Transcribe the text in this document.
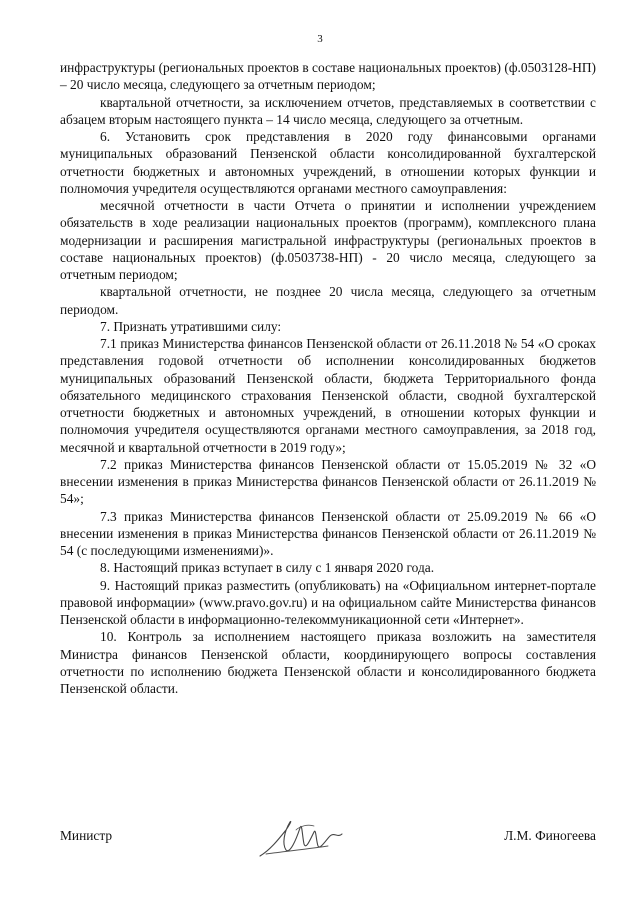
3

инфраструктуры (региональных проектов в составе национальных проектов) (ф.0503128-НП) – 20 число месяца, следующего за отчетным периодом;

квартальной отчетности, за исключением отчетов, представляемых в соответствии с абзацем вторым настоящего пункта – 14 число месяца, следующего за отчетным.

6. Установить срок представления в 2020 году финансовыми органами муниципальных образований Пензенской области консолидированной бухгалтерской отчетности бюджетных и автономных учреждений, в отношении которых функции и полномочия учредителя осуществляются органами местного самоуправления:

месячной отчетности в части Отчета о принятии и исполнении учреждением обязательств в ходе реализации национальных проектов (программ), комплексного плана модернизации и расширения магистральной инфраструктуры (региональных проектов в составе национальных проектов) (ф.0503738-НП) - 20 число месяца, следующего за отчетным периодом;

квартальной отчетности, не позднее 20 числа месяца, следующего за отчетным периодом.

7. Признать утратившими силу:

7.1 приказ Министерства финансов Пензенской области от 26.11.2018 № 54 «О сроках представления годовой отчетности об исполнении консолидированных бюджетов муниципальных образований Пензенской области, бюджета Территориального фонда обязательного медицинского страхования Пензенской области, сводной бухгалтерской отчетности бюджетных и автономных учреждений, в отношении которых функции и полномочия учредителя осуществляются органами местного самоуправления, за 2018 год, месячной и квартальной отчетности в 2019 году»;

7.2 приказ Министерства финансов Пензенской области от 15.05.2019 № 32 «О внесении изменения в приказ Министерства финансов Пензенской области от 26.11.2019 № 54»;

7.3 приказ Министерства финансов Пензенской области от 25.09.2019 № 66 «О внесении изменения в приказ Министерства финансов Пензенской области от 26.11.2019 № 54 (с последующими изменениями)».

8. Настоящий приказ вступает в силу с 1 января 2020 года.

9. Настоящий приказ разместить (опубликовать) на «Официальном интернет-портале правовой информации» (www.pravo.gov.ru) и на официальном сайте Министерства финансов Пензенской области в информационно-телекоммуникационной сети «Интернет».

10. Контроль за исполнением настоящего приказа возложить на заместителя Министра финансов Пензенской области, координирующего вопросы составления отчетности по исполнению бюджета Пензенской области и консолидированного бюджета Пензенской области.

Министр	Л.М. Финогеева
